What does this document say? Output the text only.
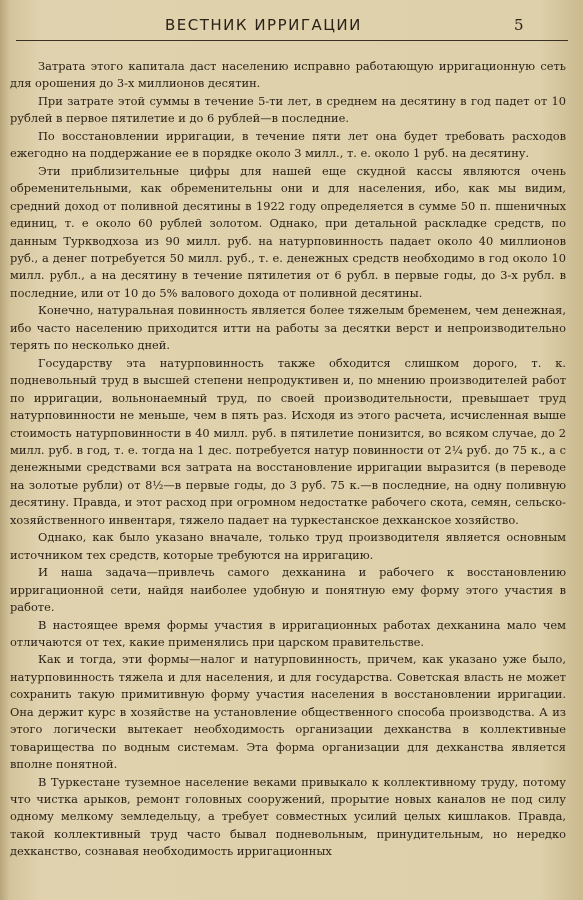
ВЕСТНИК ИРРИГАЦИИ	5

Затрата этого капитала даст населению исправно работающую ирригационную сеть для орошения до 3-х миллионов десятин.

При затрате этой суммы в течение 5-ти лет, в среднем на десятину в год падет от 10 рублей в первое пятилетие и до 6 рублей—в последние.

По восстановлении ирригации, в течение пяти лет она будет требовать расходов ежегодно на поддержание ее в порядке около 3 милл., т. е. около 1 руб. на десятину.

Эти приблизительные цифры для нашей еще скудной кассы являются очень обременительными, как обременительны они и для населения, ибо, как мы видим, средний доход от поливной десятины в 1922 году определяется в сумме 50 п. пшеничных единиц, т. е около 60 рублей золотом. Однако, при детальной раскладке средств, по данным Туркводхоза из 90 милл. руб. на натурповинность падает около 40 миллионов руб., а денег потребуется 50 милл. руб., т. е. денежных средств необходимо в год около 10 милл. рубл., а на десятину в течение пятилетия от 6 рубл. в первые годы, до 3-х рубл. в последние, или от 10 до 5% валового дохода от поливной десятины.

Конечно, натуральная повинность является более тяжелым бременем, чем денежная, ибо часто населению приходится итти на работы за десятки верст и непроизводительно терять по несколько дней.

Государству эта натурповинность также обходится слишком дорого, т. к. подневольный труд в высшей степени непродуктивен и, по мнению производителей работ по ирригации, вольнонаемный труд, по своей производительности, превышает труд натурповинности не меньше, чем в пять раз. Исходя из этого расчета, исчисленная выше стоимость натурповинности в 40 милл. руб. в пятилетие понизится, во всяком случае, до 2 милл. руб. в год, т. е. тогда на 1 дес. потребуется натур повинности от 2¼ руб. до 75 к., а с денежными средствами вся затрата на восстановление ирригации выразится (в переводе на золотые рубли) от 8½—в первые годы, до 3 руб. 75 к.—в последние, на одну поливную десятину. Правда, и этот расход при огромном недостатке рабочего скота, семян, сельско-хозяйственного инвентаря, тяжело падает на туркестанское дехканское хозяйство.

Однако, как было указано вначале, только труд производителя является основным источником тех средств, которые требуются на ирригацию.

И наша задача—привлечь самого дехканина и рабочего к восстановлению ирригационной сети, найдя наиболее удобную и понятную ему форму этого участия в работе.

В настоящее время формы участия в ирригационных работах дехканина мало чем отличаются от тех, какие применялись при царском правительстве.

Как и тогда, эти формы—налог и натурповинность, причем, как указано уже было, натурповинность тяжела и для населения, и для государства. Советская власть не может сохранить такую примитивную форму участия населения в восстановлении ирригации. Она держит курс в хозяйстве на установление общественного способа производства. А из этого логически вытекает необходимость организации дехканства в коллективные товарищества по водным системам. Эта форма организации для дехканства является вполне понятной.

В Туркестане туземное население веками привыкало к коллективному труду, потому что чистка арыков, ремонт головных сооружений, прорытие новых каналов не под силу одному мелкому земледельцу, а требует совместных усилий целых кишлаков. Правда, такой коллективный труд часто бывал подневольным, принудительным, но нередко дехканство, сознавая необходимость ирригационных
